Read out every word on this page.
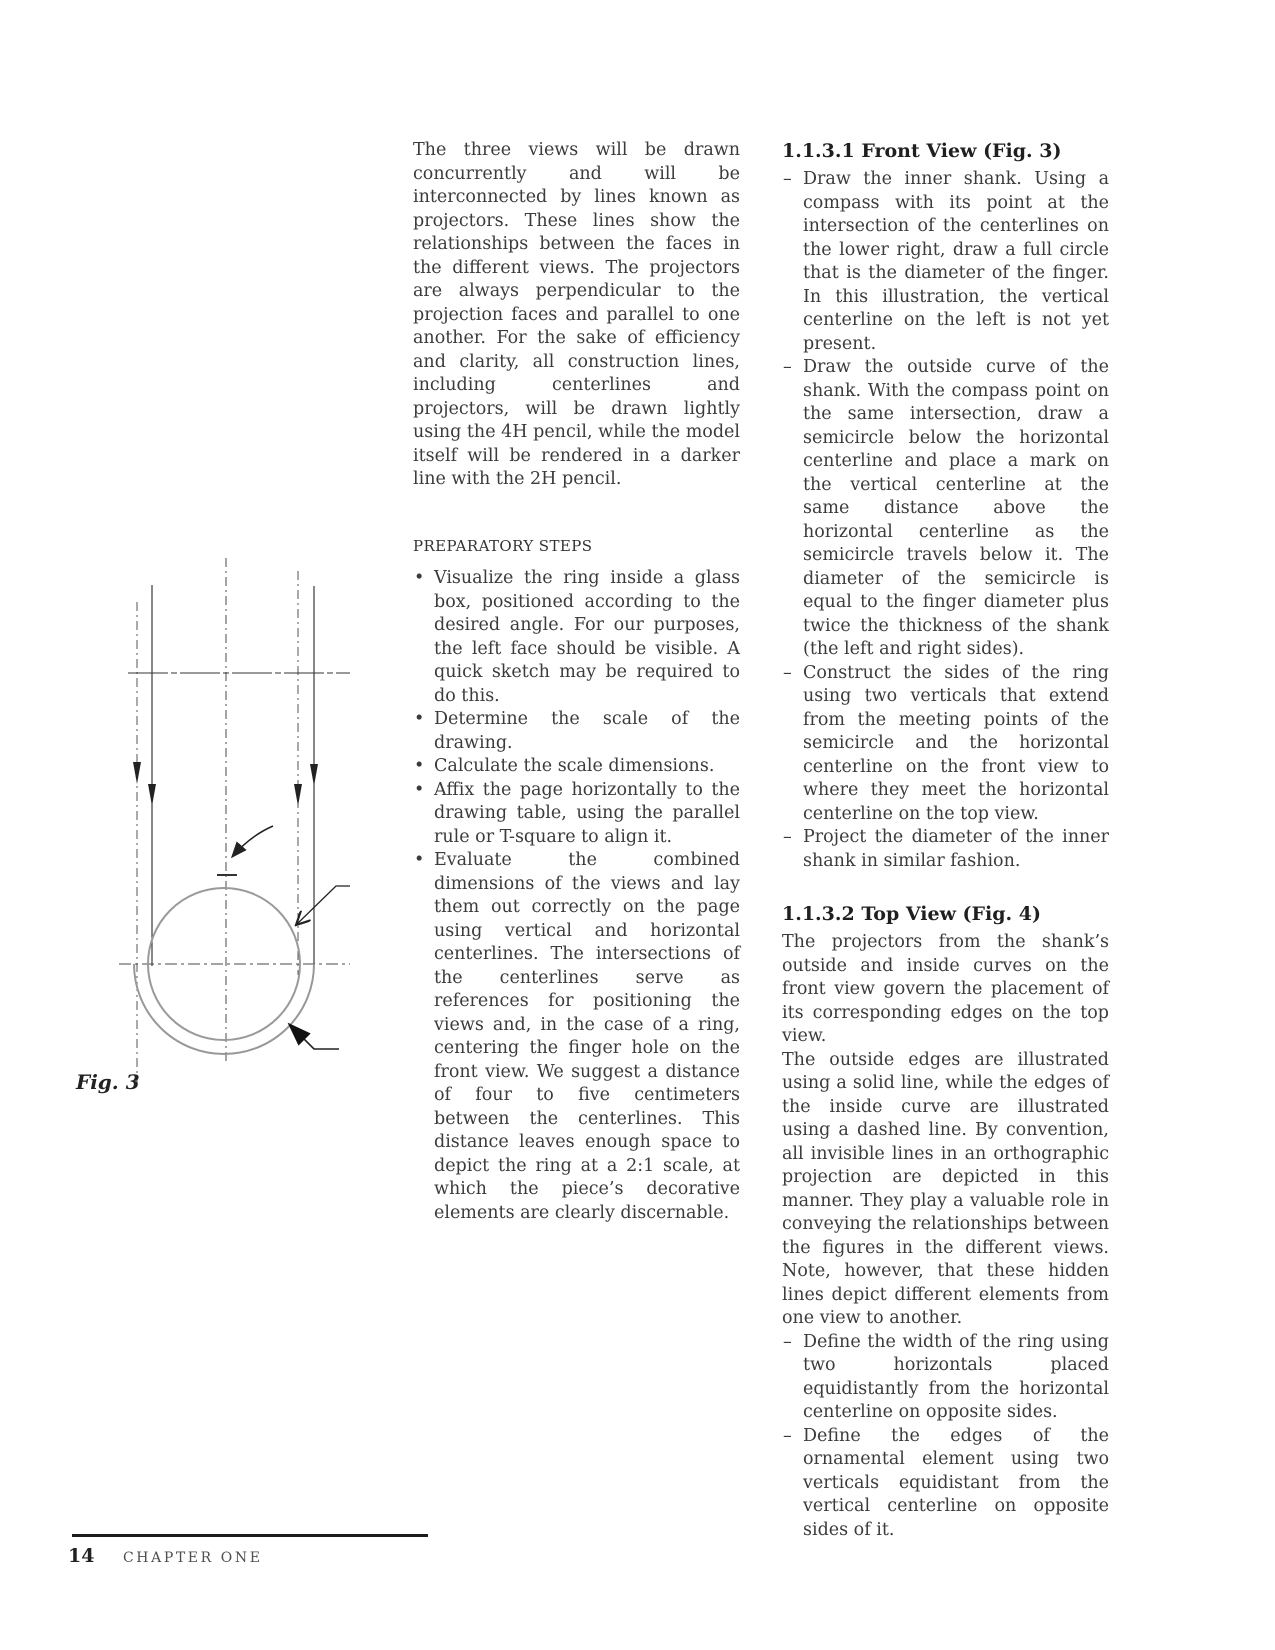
Fig. 3

The three views will be drawn concurrently and will be interconnected by lines known as projectors. These lines show the relationships between the faces in the different views. The projectors are always perpendicular to the projection faces and parallel to one another. For the sake of efficiency and clarity, all construction lines, including centerlines and projectors, will be drawn lightly using the 4H pencil, while the model itself will be rendered in a darker line with the 2H pencil.

PREPARATORY STEPS

• Visualize the ring inside a glass box, positioned according to the desired angle. For our purposes, the left face should be visible. A quick sketch may be required to do this.
• Determine the scale of the drawing.
• Calculate the scale dimensions.
• Affix the page horizontally to the drawing table, using the parallel rule or T-square to align it.
• Evaluate the combined dimensions of the views and lay them out correctly on the page using vertical and horizontal centerlines. The intersections of the centerlines serve as references for positioning the views and, in the case of a ring, centering the finger hole on the front view. We suggest a distance of four to five centimeters between the centerlines. This distance leaves enough space to depict the ring at a 2:1 scale, at which the piece’s decorative elements are clearly discernable.
1.1.3.1 Front View (Fig. 3)
– Draw the inner shank. Using a compass with its point at the intersection of the centerlines on the lower right, draw a full circle that is the diameter of the finger. In this illustration, the vertical centerline on the left is not yet present.
– Draw the outside curve of the shank. With the compass point on the same intersection, draw a semicircle below the horizontal centerline and place a mark on the vertical centerline at the same distance above the horizontal centerline as the semicircle travels below it. The diameter of the semicircle is equal to the finger diameter plus twice the thickness of the shank (the left and right sides).
– Construct the sides of the ring using two verticals that extend from the meeting points of the semicircle and the horizontal centerline on the front view to where they meet the horizontal centerline on the top view.
– Project the diameter of the inner shank in similar fashion.
1.1.3.2 Top View (Fig. 4)

The projectors from the shank’s outside and inside curves on the front view govern the placement of its corresponding edges on the top view.

The outside edges are illustrated using a solid line, while the edges of the inside curve are illustrated using a dashed line. By convention, all invisible lines in an orthographic projection are depicted in this manner. They play a valuable role in conveying the relationships between the figures in the different views. Note, however, that these hidden lines depict different elements from one view to another.

– Define the width of the ring using two horizontals placed equidistantly from the horizontal centerline on opposite sides.
– Define the edges of the ornamental element using two verticals equidistant from the vertical centerline on opposite sides of it.
14 CHAPTER ONE
